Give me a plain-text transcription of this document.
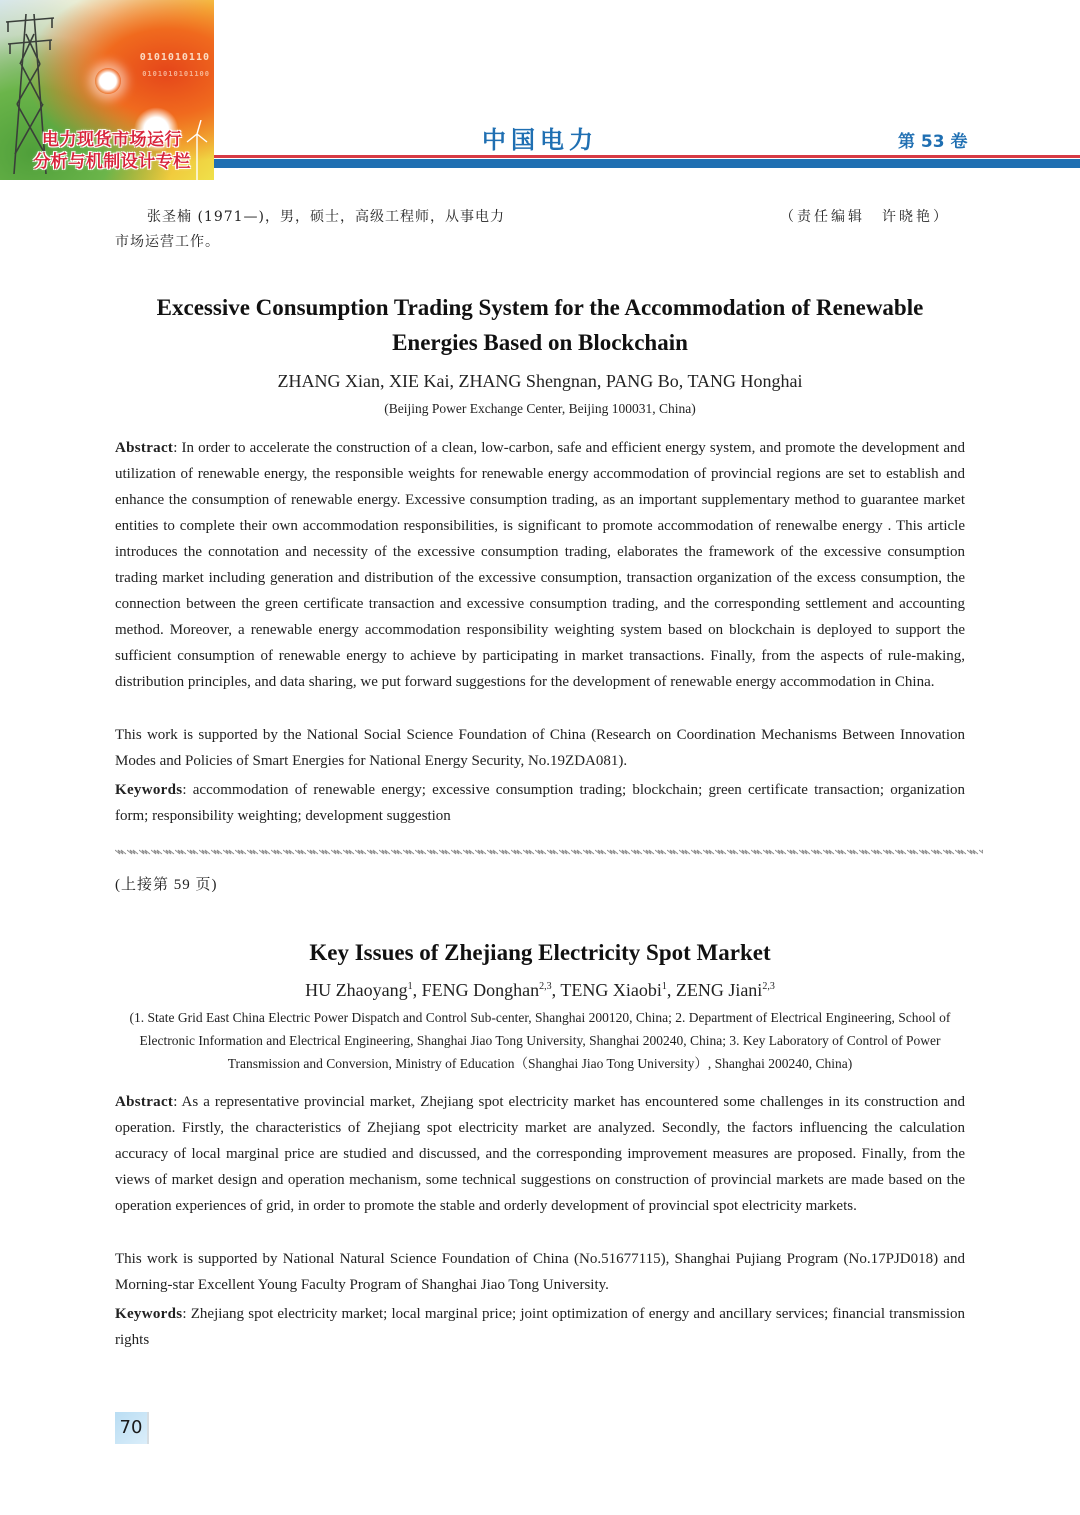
0101010110
0101010101100
电力现货市场运行
分析与机制设计专栏
中国电力	第 53 卷
张圣楠 (1971—)，男，硕士，高级工程师，从事电力
市场运营工作。
（责任编辑　许晓艳）
Excessive Consumption Trading System for the Accommodation of Renewable
Energies Based on Blockchain
ZHANG Xian, XIE Kai, ZHANG Shengnan, PANG Bo, TANG Honghai
(Beijing Power Exchange Center, Beijing 100031, China)
Abstract: In order to accelerate the construction of a clean, low-carbon, safe and efficient energy system, and promote the development and utilization of renewable energy, the responsible weights for renewable energy accommodation of provincial regions are set to establish and enhance the consumption of renewable energy. Excessive consumption trading, as an important supplementary method to guarantee market entities to complete their own accommodation responsibilities, is significant to promote accommodation of renewalbe energy . This article introduces the connotation and necessity of the excessive consumption trading, elaborates the framework of the excessive consumption trading market including generation and distribution of the excessive consumption, transaction organization of the excess consumption, the connection between the green certificate transaction and excessive consumption trading, and the corresponding settlement and accounting method. Moreover, a renewable energy accommodation responsibility weighting system based on blockchain is deployed to support the sufficient consumption of renewable energy to achieve by participating in market transactions. Finally, from the aspects of rule-making, distribution principles, and data sharing, we put forward suggestions for the development of renewable energy accommodation in China.
This work is supported by the National Social Science Foundation of China (Research on Coordination Mechanisms Between Innovation Modes and Policies of Smart Energies for National Energy Security, No.19ZDA081).
Keywords: accommodation of renewable energy; excessive consumption trading; blockchain; green certificate transaction; organization form; responsibility weighting; development suggestion
(上接第 59 页)
Key Issues of Zhejiang Electricity Spot Market
HU Zhaoyang$^1$, FENG Donghan$^{2,3}$, TENG Xiaobi$^1$, ZENG Jiani$^{2,3}$
(1. State Grid East China Electric Power Dispatch and Control Sub-center, Shanghai 200120, China; 2. Department of Electrical Engineering, School of Electronic Information and Electrical Engineering, Shanghai Jiao Tong University, Shanghai 200240, China; 3. Key Laboratory of Control of Power Transmission and Conversion, Ministry of Education（Shanghai Jiao Tong University）, Shanghai 200240, China)
Abstract: As a representative provincial market, Zhejiang spot electricity market has encountered some challenges in its construction and operation. Firstly, the characteristics of Zhejiang spot electricity market are analyzed. Secondly, the factors influencing the calculation accuracy of local marginal price are studied and discussed, and the corresponding improvement measures are proposed. Finally, from the views of market design and operation mechanism, some technical suggestions on construction of provincial markets are made based on the operation experiences of grid, in order to promote the stable and orderly development of provincial spot electricity markets.
This work is supported by National Natural Science Foundation of China (No.51677115), Shanghai Pujiang Program (No.17PJD018) and Morning-star Excellent Young Faculty Program of Shanghai Jiao Tong University.
Keywords: Zhejiang spot electricity market; local marginal price; joint optimization of energy and ancillary services; financial transmission rights
70
